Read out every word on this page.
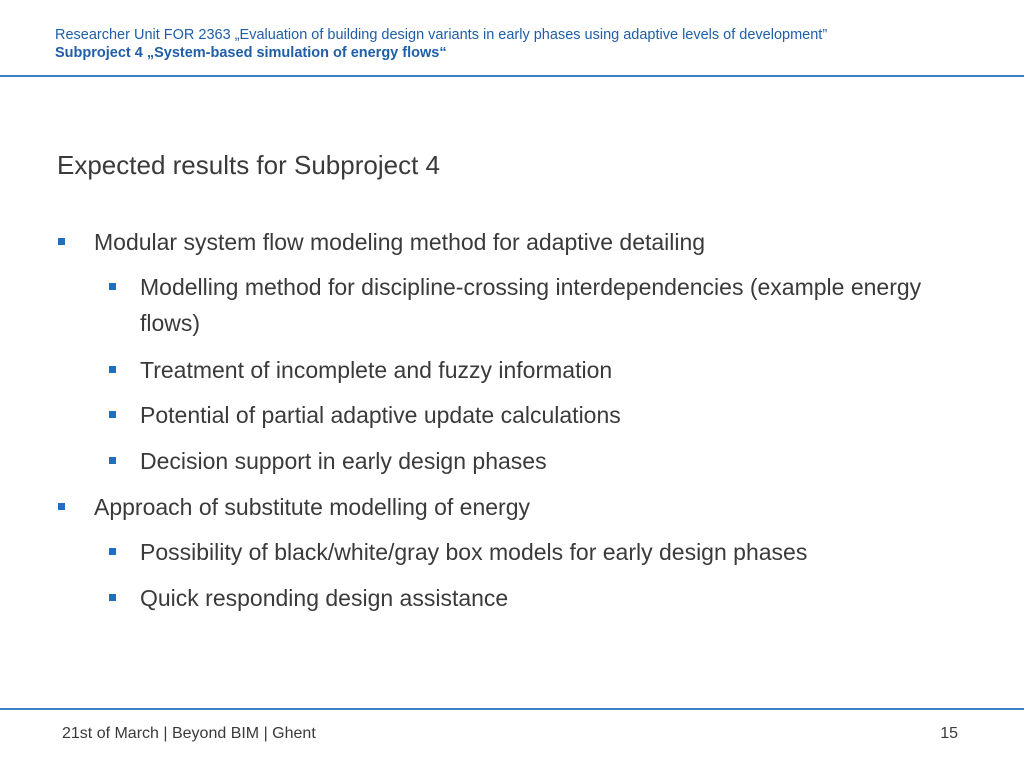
Researcher Unit FOR 2363 „Evaluation of building design variants in early phases using adaptive levels of development”
Subproject 4 „System-based simulation of energy flows“
Expected results for Subproject 4
Modular system flow modeling method for adaptive detailing
Modelling method for discipline-crossing interdependencies (example energy flows)
Treatment of incomplete and fuzzy information
Potential of partial adaptive update calculations
Decision support in early design phases
Approach of substitute modelling of energy
Possibility of black/white/gray box models for early design phases
Quick responding design assistance
21st of March | Beyond BIM | Ghent	15
